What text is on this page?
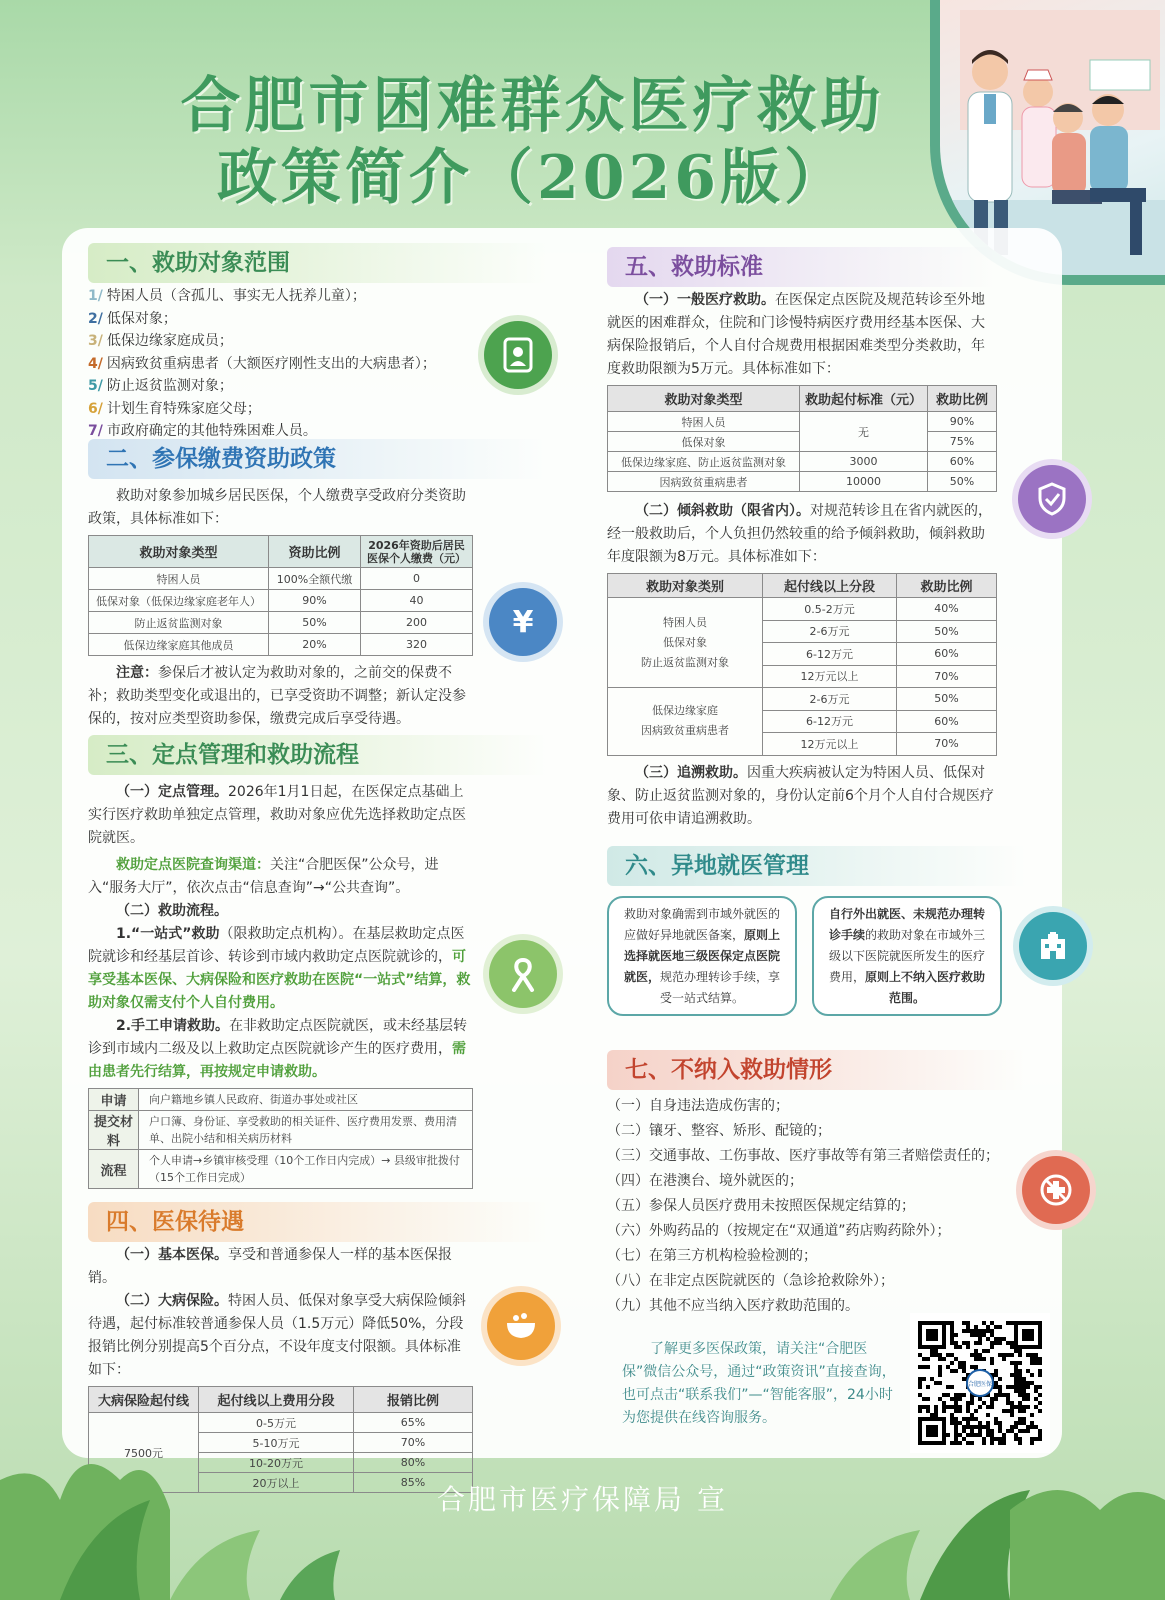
合肥市困难群众医疗救助
政策简介（2026版）
一、救助对象范围
1/ 特困人员（含孤儿、事实无人抚养儿童）；
2/ 低保对象；
3/ 低保边缘家庭成员；
4/ 因病致贫重病患者（大额医疗刚性支出的大病患者）；
5/ 防止返贫监测对象；
6/ 计划生育特殊家庭父母；
7/ 市政府确定的其他特殊困难人员。
二、参保缴费资助政策
救助对象参加城乡居民医保，个人缴费享受政府分类资助政策，具体标准如下：
救助对象类型	资助比例	2026年资助后居民医保个人缴费（元）
特困人员	100%全额代缴	0
低保对象（低保边缘家庭老年人）	90%	40
防止返贫监测对象	50%	200
低保边缘家庭其他成员	20%	320
注意：参保后才被认定为救助对象的，之前交的保费不补；救助类型变化或退出的，已享受资助不调整；新认定没参保的，按对应类型资助参保，缴费完成后享受待遇。
¥
三、定点管理和救助流程
（一）定点管理。2026年1月1日起，在医保定点基础上实行医疗救助单独定点管理，救助对象应优先选择救助定点医院就医。
救助定点医院查询渠道：关注“合肥医保”公众号，进入“服务大厅”，依次点击“信息查询”→“公共查询”。
（二）救助流程。
1.“一站式”救助（限救助定点机构）。在基层救助定点医院就诊和经基层首诊、转诊到市域内救助定点医院就诊的，可享受基本医保、大病保险和医疗救助在医院“一站式”结算，救助对象仅需支付个人自付费用。
2.手工申请救助。在非救助定点医院就医，或未经基层转诊到市域内二级及以上救助定点医院就诊产生的医疗费用，需由患者先行结算，再按规定申请救助。
申请	向户籍地乡镇人民政府、街道办事处或社区
提交材料	户口簿、身份证、享受救助的相关证件、医疗费用发票、费用清单、出院小结和相关病历材料
流程	个人申请→乡镇审核受理（10个工作日内完成）→ 县级审批拨付（15个工作日完成）
四、医保待遇
（一）基本医保。享受和普通参保人一样的基本医保报销。
（二）大病保险。特困人员、低保对象享受大病保险倾斜待遇，起付标准较普通参保人员（1.5万元）降低50%，分段报销比例分别提高5个百分点，不设年度支付限额。具体标准如下：
大病保险起付线	起付线以上费用分段	报销比例
7500元	0-5万元	65%
	5-10万元	70%
	10-20万元	80%
	20万以上	85%
五、救助标准
（一）一般医疗救助。在医保定点医院及规范转诊至外地就医的困难群众，住院和门诊慢特病医疗费用经基本医保、大病保险报销后，个人自付合规费用根据困难类型分类救助，年度救助限额为5万元。具体标准如下：
救助对象类型	救助起付标准（元）	救助比例
特困人员	无	90%
低保对象		75%
低保边缘家庭、防止返贫监测对象	3000	60%
因病致贫重病患者	10000	50%
（二）倾斜救助（限省内）。对规范转诊且在省内就医的，经一般救助后，个人负担仍然较重的给予倾斜救助，倾斜救助年度限额为8万元。具体标准如下：
救助对象类别	起付线以上分段	救助比例

特困人员
低保对象
防止返贫监测对象	0.5-2万元	40%
	2-6万元	50%
	6-12万元	60%
	12万元以上	70%

低保边缘家庭
因病致贫重病患者	2-6万元	50%
	6-12万元	60%
	12万元以上	70%
（三）追溯救助。因重大疾病被认定为特困人员、低保对象、防止返贫监测对象的，身份认定前6个月个人自付合规医疗费用可依申请追溯救助。
六、异地就医管理
救助对象确需到市域外就医的应做好异地就医备案，原则上选择就医地三级医保定点医院就医，规范办理转诊手续，享受一站式结算。
自行外出就医、未规范办理转诊手续的救助对象在市域外三级以下医院就医所发生的医疗费用，原则上不纳入医疗救助范围。
七、不纳入救助情形
（一）自身违法造成伤害的；
（二）镶牙、整容、矫形、配镜的；
（三）交通事故、工伤事故、医疗事故等有第三者赔偿责任的；
（四）在港澳台、境外就医的；
（五）参保人员医疗费用未按照医保规定结算的；
（六）外购药品的（按规定在“双通道”药店购药除外）；
（七）在第三方机构检验检测的；
（八）在非定点医院就医的（急诊抢救除外）；
（九）其他不应当纳入医疗救助范围的。
了解更多医保政策，请关注“合肥医保”微信公众号，通过“政策资讯”直接查询，也可点击“联系我们”—“智能客服”，24小时为您提供在线咨询服务。
合肥医保
合肥市医疗保障局 宣
